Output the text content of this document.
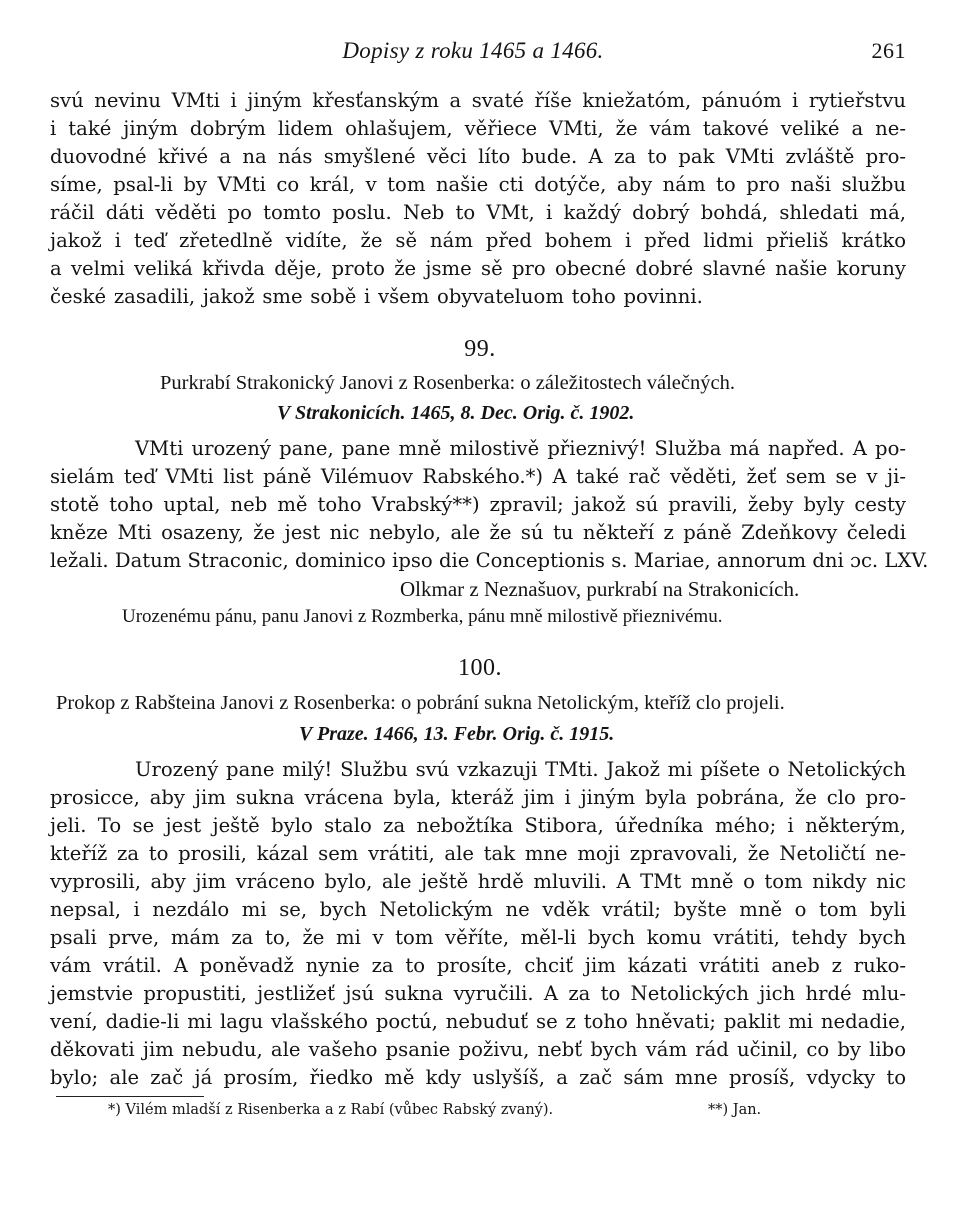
Dopisy z roku 1465 a 1466.	261
svú nevinu VMti i jiným křesťanským a svaté říše kniežatóm, pánuóm i rytieřstvu
i také jiným dobrým lidem ohlašujem, věřiece VMti, že vám takové veliké a ne-
duovodné křivé a na nás smyšlené věci líto bude. A za to pak VMti zvláště pro-
síme, psal-li by VMti co král, v tom našie cti dotýče, aby nám to pro naši službu
ráčil dáti věděti po tomto poslu. Neb to VMt, i každý dobrý bohdá, shledati má,
jakož i teď zřetedlně vidíte, že sě nám před bohem i před lidmi přieliš krátko
a velmi veliká křivda děje, proto že jsme sě pro obecné dobré slavné našie koruny
české zasadili, jakož sme sobě i všem obyvateluom toho povinni.
99.
Purkrabí Strakonický Janovi z Rosenberka: o záležitostech válečných.
V Strakonicích. 1465, 8. Dec. Orig. č. 1902.
VMti urozený pane, pane mně milostivě přieznivý! Služba má napřed. A po-
sielám teď VMti list páně Vilémuov Rabského.*) A také rač věděti, žeť sem se v ji-
stotě toho uptal, neb mě toho Vrabský**) zpravil; jakož sú pravili, žeby byly cesty
kněze Mti osazeny, že jest nic nebylo, ale že sú tu někteří z páně Zdeňkovy čeledi
ležali. Datum Straconic, dominico ipso die Conceptionis s. Mariae, annorum dni ɔc. LXV.
Olkmar z Neznašuov, purkrabí na Strakonicích.
Urozenému pánu, panu Janovi z Rozmberka, pánu mně milostivě přieznivému.
100.
Prokop z Rabšteina Janovi z Rosenberka: o pobrání sukna Netolickým, kteříž clo projeli.
V Praze. 1466, 13. Febr. Orig. č. 1915.
Urozený pane milý! Službu svú vzkazuji TMti. Jakož mi píšete o Netolických
prosicce, aby jim sukna vrácena byla, kteráž jim i jiným byla pobrána, že clo pro-
jeli. To se jest ještě bylo stalo za nebožtíka Stibora, úředníka mého; i některým,
kteříž za to prosili, kázal sem vrátiti, ale tak mne moji zpravovali, že Netoličtí ne-
vyprosili, aby jim vráceno bylo, ale ještě hrdě mluvili. A TMt mně o tom nikdy nic
nepsal, i nezdálo mi se, bych Netolickým ne vděk vrátil; byšte mně o tom byli
psali prve, mám za to, že mi v tom věříte, měl-li bych komu vrátiti, tehdy bych
vám vrátil. A poněvadž nynie za to prosíte, chciť jim kázati vrátiti aneb z ruko-
jemstvie propustiti, jestližeť jsú sukna vyručili. A za to Netolických jich hrdé mlu-
vení, dadie-li mi lagu vlašského poctú, nebuduť se z toho hněvati; paklit mi nedadie,
děkovati jim nebudu, ale vašeho psanie poživu, nebť bych vám rád učinil, co by libo
bylo; ale zač já prosím, řiedko mě kdy uslyšíš, a zač sám mne prosíš, vdycky to
*) Vilém mladší z Risenberka a z Rabí (vůbec Rabský zvaný).	**) Jan.
